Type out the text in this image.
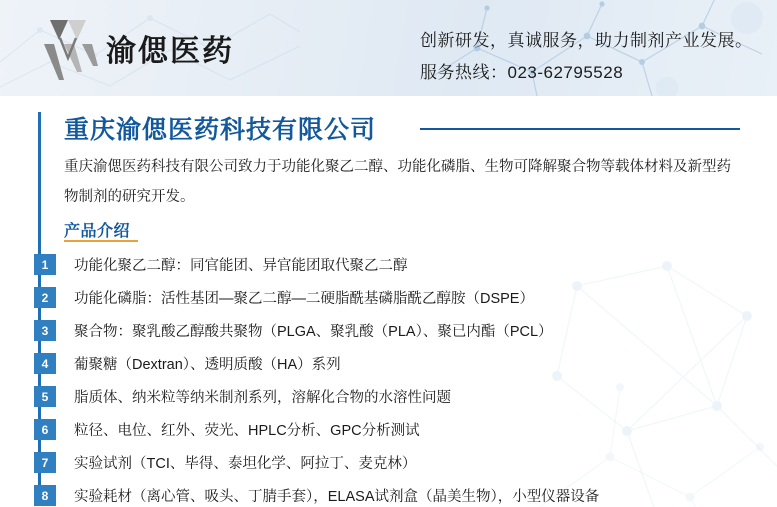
渝偲医药	创新研发，真诚服务，助力制剂产业发展。
服务热线：023-62795528
重庆渝偲医药科技有限公司
重庆渝偲医药科技有限公司致力于功能化聚乙二醇、功能化磷脂、生物可降解聚合物等载体材料及新型药物制剂的研究开发。
产品介绍
1	功能化聚乙二醇：同官能团、异官能团取代聚乙二醇
2	功能化磷脂：活性基团—聚乙二醇—二硬脂酰基磷脂酰乙醇胺（DSPE）
3	聚合物：聚乳酸乙醇酸共聚物（PLGA、聚乳酸（PLA）、聚已内酯（PCL）
4	葡聚糖（Dextran）、透明质酸（HA）系列
5	脂质体、纳米粒等纳米制剂系列，溶解化合物的水溶性问题
6	粒径、电位、红外、荧光、HPLC分析、GPC分析测试
7	实验试剂（TCI、毕得、泰坦化学、阿拉丁、麦克林）
8	实验耗材（离心管、吸头、丁腈手套），ELASA试剂盒（晶美生物），小型仪器设备
